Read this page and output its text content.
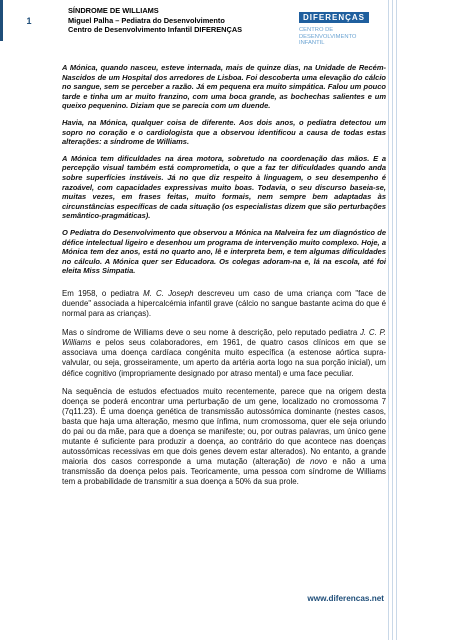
1
SÍNDROME DE WILLIAMS
Miguel Palha – Pediatra do Desenvolvimento
Centro de Desenvolvimento Infantil DIFERENÇAS
DIFERENÇAS
CENTRO DE
DESENVOLVIMENTO
INFANTIL

A Mónica, quando nasceu, esteve internada, mais de quinze dias, na Unidade de Recém-Nascidos de um Hospital dos arredores de Lisboa. Foi descoberta uma elevação do cálcio no sangue, sem se perceber a razão. Já em pequena era muito simpática. Falou um pouco tarde e tinha um ar muito franzino, com uma boca grande, as bochechas salientes e um queixo pequenino. Diziam que se parecia com um duende.

Havia, na Mónica, qualquer coisa de diferente. Aos dois anos, o pediatra detectou um sopro no coração e o cardiologista que a observou identificou a causa de todas estas alterações: a síndrome de Williams.

A Mónica tem dificuldades na área motora, sobretudo na coordenação das mãos. E a percepção visual também está comprometida, o que a faz ter dificuldades quando anda sobre superfícies instáveis. Já no que diz respeito à linguagem, o seu desempenho é razoável, com capacidades expressivas muito boas. Todavia, o seu discurso baseia-se, muitas vezes, em frases feitas, muito formais, nem sempre bem adaptadas às circunstâncias específicas de cada situação (os especialistas dizem que são perturbações semântico-pragmáticas).

O Pediatra do Desenvolvimento que observou a Mónica na Malveira fez um diagnóstico de défice intelectual ligeiro e desenhou um programa de intervenção muito complexo. Hoje, a Mónica tem dez anos, está no quarto ano, lê e interpreta bem, e tem algumas dificuldades no cálculo. A Mónica quer ser Educadora. Os colegas adoram-na e, lá na escola, até foi eleita Miss Simpatia.

Em 1958, o pediatra M. C. Joseph descreveu um caso de uma criança com "face de duende" associada a hipercalcémia infantil grave (cálcio no sangue bastante acima do que é normal para as crianças).

Mas o síndrome de Williams deve o seu nome à descrição, pelo reputado pediatra J. C. P. Williams e pelos seus colaboradores, em 1961, de quatro casos clínicos em que se associava uma doença cardíaca congénita muito específica (a estenose aórtica supra-valvular, ou seja, grosseiramente, um aperto da artéria aorta logo na sua porção inicial), um défice cognitivo (impropriamente designado por atraso mental) e uma face peculiar.

Na sequência de estudos efectuados muito recentemente, parece que na origem desta doença se poderá encontrar uma perturbação de um gene, localizado no cromossoma 7 (7q11.23). É uma doença genética de transmissão autossómica dominante (nestes casos, basta que haja uma alteração, mesmo que ínfima, num cromossoma, quer ele seja oriundo do pai ou da mãe, para que a doença se manifeste; ou, por outras palavras, um único gene mutante é suficiente para produzir a doença, ao contrário do que acontece nas doenças autossómicas recessivas em que dois genes devem estar alterados). No entanto, a grande maioria dos casos corresponde a uma mutação (alteração) de novo e não a uma transmissão da doença pelos pais. Teoricamente, uma pessoa com síndrome de Williams tem a probabilidade de transmitir a sua doença a 50% da sua prole.

www.diferencas.net
